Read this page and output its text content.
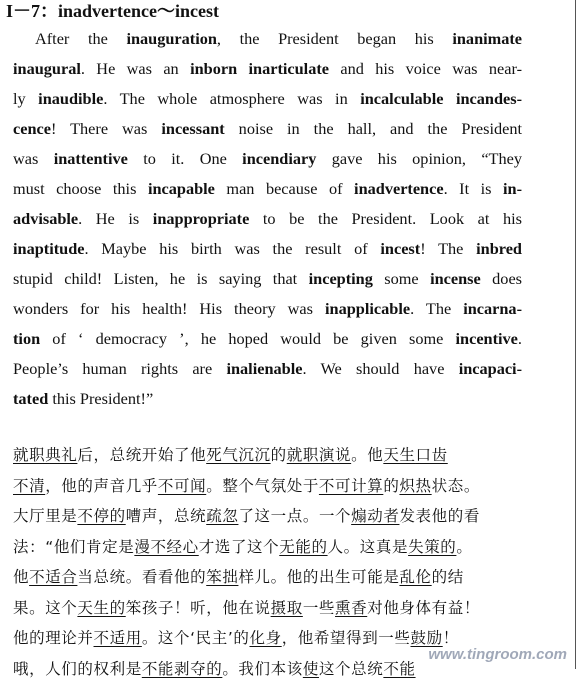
I－7：inadvertence～incest
After the inauguration, the President began his inanimate
inaugural. He was an inborn inarticulate and his voice was near-
ly inaudible. The whole atmosphere was in incalculable incandes-
cence! There was incessant noise in the hall, and the President
was inattentive to it. One incendiary gave his opinion, “They
must choose this incapable man because of inadvertence. It is in-
advisable. He is inappropriate to be the President. Look at his
inaptitude. Maybe his birth was the result of incest! The inbred
stupid child! Listen, he is saying that incepting some incense does
wonders for his health! His theory was inapplicable. The incarna-
tion of ‘ democracy ’, he hoped would be given some incentive.
People’s human rights are inalienable. We should have incapaci-
tated this President!”
就职典礼后，总统开始了他死气沉沉的就职演说。他天生口齿
不清，他的声音几乎不可闻。整个气氛处于不可计算的炽热状态。
大厅里是不停的嘈声，总统疏忽了这一点。一个煽动者发表他的看
法：“他们肯定是漫不经心才选了这个无能的人。这真是失策的。
他不适合当总统。看看他的笨拙样儿。他的出生可能是乱伦的结
果。这个天生的笨孩子！听，他在说摄取一些熏香对他身体有益！
他的理论并不适用。这个‘民主’的化身，他希望得到一些鼓励！
哦，人们的权利是不能剥夺的。我们本该使这个总统不能
www.tingroom.com
